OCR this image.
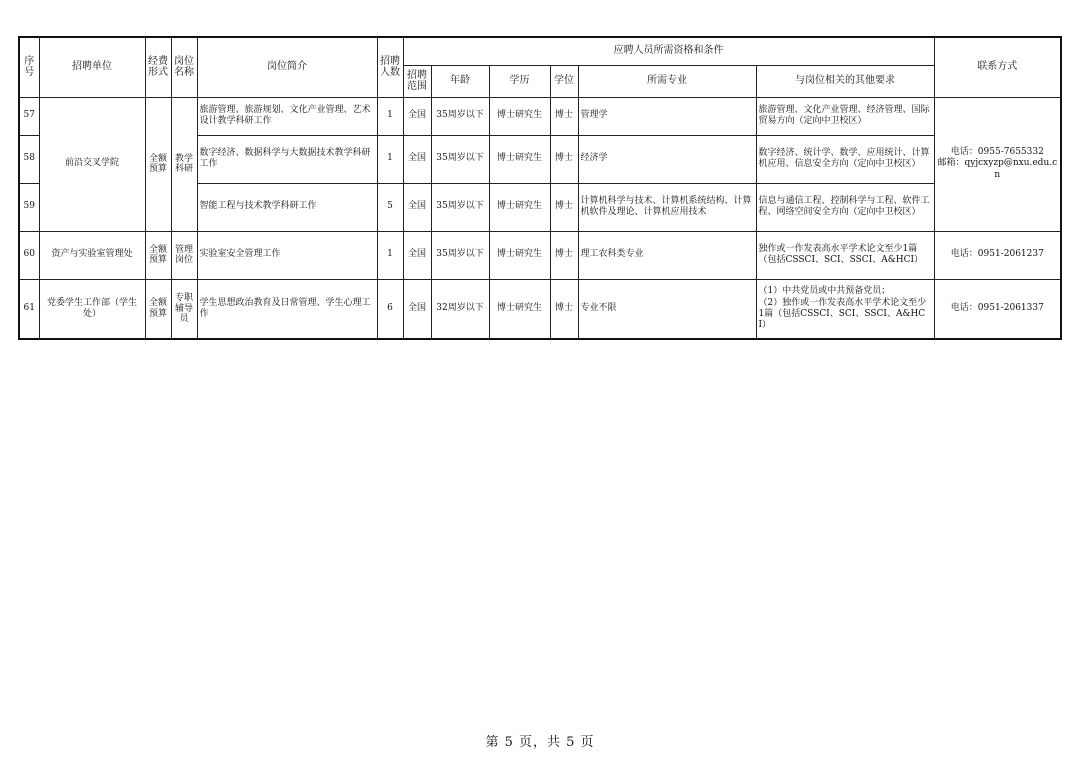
序号	招聘单位	经费形式	岗位名称	岗位简介	招聘人数	应聘人员所需资格和条件						联系方式
						招聘范围	年龄	学历	学位	所需专业	与岗位相关的其他要求	
57	前沿交叉学院	全额预算	教学科研	旅游管理、旅游规划、文化产业管理、艺术设计教学科研工作	1	全国	35周岁以下	博士研究生	博士	管理学	旅游管理、文化产业管理、经济管理、国际贸易方向（定向中卫校区）	电话：0955-7655332
邮箱：qyjcxyzp@nxu.edu.cn

58				数字经济、数据科学与大数据技术教学科研工作	1	全国	35周岁以下	博士研究生	博士	经济学	数字经济、统计学、数学、应用统计、计算机应用、信息安全方向（定向中卫校区）	
59				智能工程与技术教学科研工作	5	全国	35周岁以下	博士研究生	博士	计算机科学与技术、计算机系统结构、计算机软件及理论、计算机应用技术	信息与通信工程、控制科学与工程、软件工程、网络空间安全方向（定向中卫校区）	
60	资产与实验室管理处	全额预算	管理岗位	实验室安全管理工作	1	全国	35周岁以下	博士研究生	博士	理工农科类专业	独作或一作发表高水平学术论文至少1篇（包括CSSCI、SCI、SSCI、A&HCI）	电话：0951-2061237
61	党委学生工作部（学生处）	全额预算	专职辅导员	学生思想政治教育及日常管理、学生心理工作	6	全国	32周岁以下	博士研究生	博士	专业不限	（1）中共党员或中共预备党员；
（2）独作或一作发表高水平学术论文至少1篇（包括CSSCI、SCI、SSCI、A&HCI）	电话：0951-2061337
第 5 页，共 5 页
